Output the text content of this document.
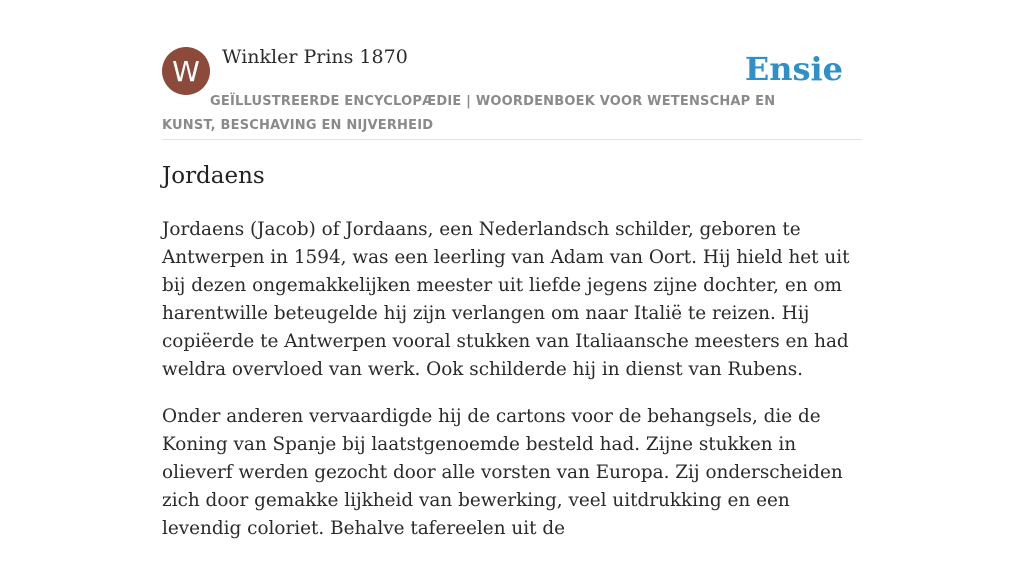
W Winkler Prins 1870	Ensie
GEÏLLUSTREERDE ENCYCLOPÆDIE | WOORDENBOEK VOOR WETENSCHAP EN KUNST, BESCHAVING EN NIJVERHEID
Jordaens

Jordaens (Jacob) of Jordaans, een Nederlandsch schilder, geboren te Antwerpen in 1594, was een leerling van Adam van Oort. Hij hield het uit bij dezen ongemakkelijken meester uit liefde jegens zijne dochter, en om harentwille beteugelde hij zijn verlangen om naar Italië te reizen. Hij copiëerde te Antwerpen vooral stukken van Italiaansche meesters en had weldra overvloed van werk. Ook schilderde hij in dienst van Rubens.

Onder anderen vervaardigde hij de cartons voor de behangsels, die de Koning van Spanje bij laatstgenoemde besteld had. Zijne stukken in olieverf werden gezocht door alle vorsten van Europa. Zij onderscheiden zich door gemakke lijkheid van bewerking, veel uitdrukking en een levendig coloriet. Behalve tafereelen uit de
